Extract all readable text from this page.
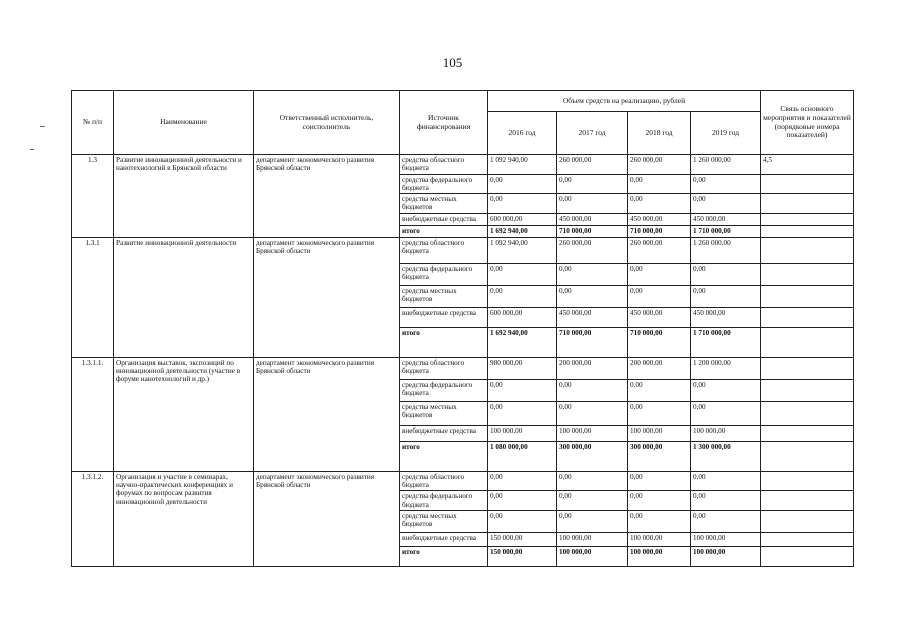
105
№ п/п	Наименование	Ответственный исполнитель, соисполнитель	Источник финансирования	Объем средств на реализацию, рублей				Связь основного мероприятия и показателей (порядковые номера показателей)
				2016 год	2017 год	2018 год	2019 год	
1.3	Развитие инновационной деятельности и нанотехнологий в Брянской области	департамент экономического развития Брянской области	средства областного бюджета	1 092 940,00	260 000,00	260 000,00	1 260 000,00	4,5
			средства федерального бюджета	0,00	0,00	0,00	0,00	
			средства местных бюджетов	0,00	0,00	0,00	0,00	
			внебюджетные средства	600 000,00	450 000,00	450 000,00	450 000,00	
			итого	1 692 940,00	710 000,00	710 000,00	1 710 000,00	
1.3.1	Развитие инновационной деятельности	департамент экономического развития Брянской области	средства областного бюджета	1 092 940,00	260 000,00	260 000,00	1 260 000,00	
			средства федерального бюджета	0,00	0,00	0,00	0,00	
			средства местных бюджетов	0,00	0,00	0,00	0,00	
			внебюджетные средства	600 000,00	450 000,00	450 000,00	450 000,00	
			итого	1 692 940,00	710 000,00	710 000,00	1 710 000,00	
1.3.1.1.	Организация выставок, экспозиций по инновационной деятельности (участие в форуме нанотехнологий и др.)	департамент экономического развития Брянской области	средства областного бюджета	980 000,00	200 000,00	200 000,00	1 200 000,00	
			средства федерального бюджета	0,00	0,00	0,00	0,00	
			средства местных бюджетов	0,00	0,00	0,00	0,00	
			внебюджетные средства	100 000,00	100 000,00	100 000,00	100 000,00	
			итого	1 080 000,00	300 000,00	300 000,00	1 300 000,00	
1.3.1.2.	Организация и участие в семинарах, научно-практических конференциях и форумах по вопросам развития инновационной деятельности	департамент экономического развития Брянской области	средства областного бюджета	0,00	0,00	0,00	0,00	
			средства федерального бюджета	0,00	0,00	0,00	0,00	
			средства местных бюджетов	0,00	0,00	0,00	0,00	
			внебюджетные средства	150 000,00	100 000,00	100 000,00	100 000,00	
			итого	150 000,00	100 000,00	100 000,00	100 000,00	
